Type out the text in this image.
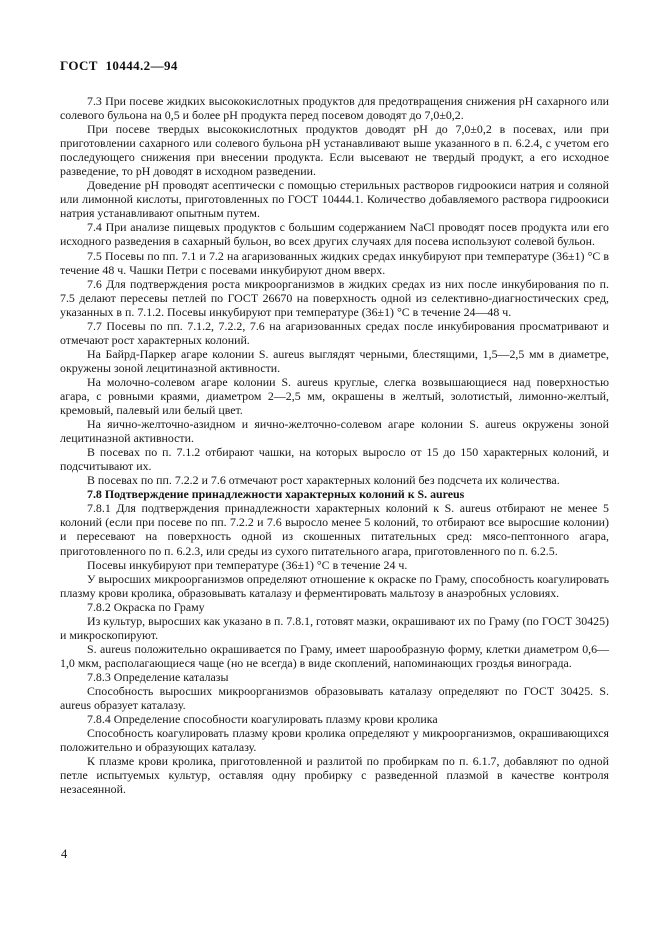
ГОСТ 10444.2—94

7.3 При посеве жидких высококислотных продуктов для предотвращения снижения рН сахарного или солевого бульона на 0,5 и более рН продукта перед посевом доводят до 7,0±0,2.

При посеве твердых высококислотных продуктов доводят рН до 7,0±0,2 в посевах, или при приготовлении сахарного или солевого бульона рН устанавливают выше указанного в п. 6.2.4, с учетом его последующего снижения при внесении продукта. Если высевают не твердый продукт, а его исходное разведение, то рН доводят в исходном разведении.

Доведение рН проводят асептически с помощью стерильных растворов гидроокиси натрия и соляной или лимонной кислоты, приготовленных по ГОСТ 10444.1. Количество добавляемого раствора гидроокиси натрия устанавливают опытным путем.

7.4 При анализе пищевых продуктов с большим содержанием NaCl проводят посев продукта или его исходного разведения в сахарный бульон, во всех других случаях для посева используют солевой бульон.

7.5 Посевы по пп. 7.1 и 7.2 на агаризованных жидких средах инкубируют при температуре (36±1) °С в течение 48 ч. Чашки Петри с посевами инкубируют дном вверх.

7.6 Для подтверждения роста микроорганизмов в жидких средах из них после инкубирования по п. 7.5 делают пересевы петлей по ГОСТ 26670 на поверхность одной из селективно-диагностических сред, указанных в п. 7.1.2. Посевы инкубируют при температуре (36±1) °С в течение 24—48 ч.

7.7 Посевы по пп. 7.1.2, 7.2.2, 7.6 на агаризованных средах после инкубирования просматривают и отмечают рост характерных колоний.

На Байрд-Паркер агаре колонии S. aureus выглядят черными, блестящими, 1,5—2,5 мм в диаметре, окружены зоной лецитиназной активности.

На молочно-солевом агаре колонии S. aureus круглые, слегка возвышающиеся над поверхностью агара, с ровными краями, диаметром 2—2,5 мм, окрашены в желтый, золотистый, лимонно-желтый, кремовый, палевый или белый цвет.

На яично-желточно-азидном и яично-желточно-солевом агаре колонии S. aureus окружены зоной лецитиназной активности.

В посевах по п. 7.1.2 отбирают чашки, на которых выросло от 15 до 150 характерных колоний, и подсчитывают их.

В посевах по пп. 7.2.2 и 7.6 отмечают рост характерных колоний без подсчета их количества.

7.8 Подтверждение принадлежности характерных колоний к S. aureus

7.8.1 Для подтверждения принадлежности характерных колоний к S. aureus отбирают не менее 5 колоний (если при посеве по пп. 7.2.2 и 7.6 выросло менее 5 колоний, то отбирают все выросшие колонии) и пересевают на поверхность одной из скошенных питательных сред: мясо-пептонного агара, приготовленного по п. 6.2.3, или среды из сухого питательного агара, приготовленного по п. 6.2.5.

Посевы инкубируют при температуре (36±1) °С в течение 24 ч.

У выросших микроорганизмов определяют отношение к окраске по Граму, способность коагулировать плазму крови кролика, образовывать каталазу и ферментировать мальтозу в анаэробных условиях.

7.8.2 Окраска по Граму

Из культур, выросших как указано в п. 7.8.1, готовят мазки, окрашивают их по Граму (по ГОСТ 30425) и микроскопируют.

S. aureus положительно окрашивается по Граму, имеет шарообразную форму, клетки диаметром 0,6—1,0 мкм, располагающиеся чаще (но не всегда) в виде скоплений, напоминающих гроздья винограда.

7.8.3 Определение каталазы

Способность выросших микроорганизмов образовывать каталазу определяют по ГОСТ 30425. S. aureus образует каталазу.

7.8.4 Определение способности коагулировать плазму крови кролика

Способность коагулировать плазму крови кролика определяют у микроорганизмов, окрашивающихся положительно и образующих каталазу.

К плазме крови кролика, приготовленной и разлитой по пробиркам по п. 6.1.7, добавляют по одной петле испытуемых культур, оставляя одну пробирку с разведенной плазмой в качестве контроля незасеянной.

4
